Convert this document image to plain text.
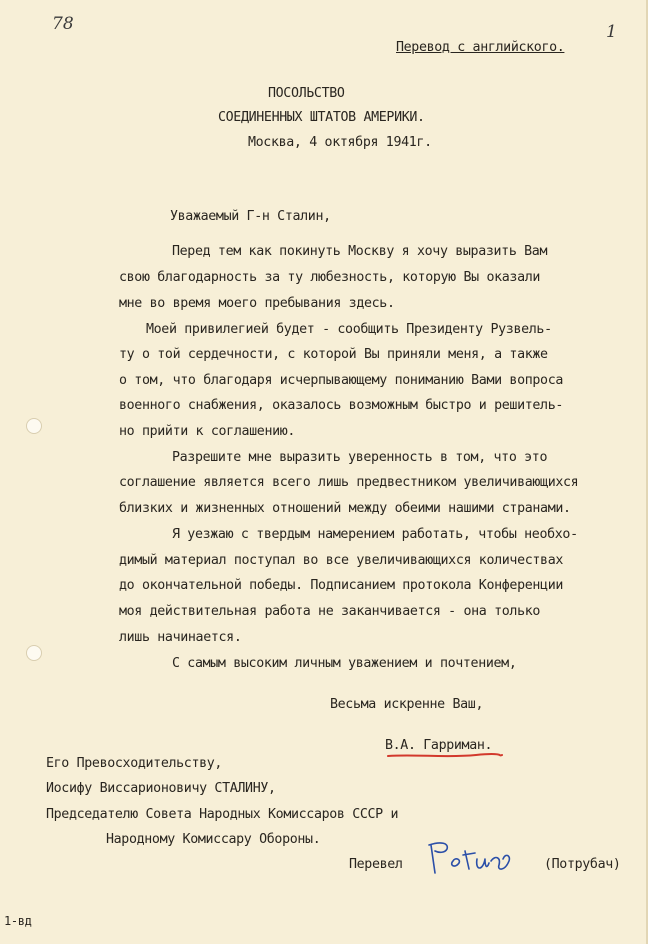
78	1
Перевод с английского.
ПОСОЛЬСТВО
СОЕДИНЕННЫХ ШТАТОВ АМЕРИКИ.
Москва, 4 октября 1941г.
Уважаемый Г-н Сталин,
Перед тем как покинуть Москву я хочу выразить Вам
свою благодарность за ту любезность, которую Вы оказали
мне во время моего пребывания здесь.
Моей привилегией будет - сообщить Президенту Рузвель-
ту о той сердечности, с которой Вы приняли меня, а также
о том, что благодаря исчерпывающему пониманию Вами вопроса
военного снабжения, оказалось возможным быстро и решитель-
но прийти к соглашению.
Разрешите мне выразить уверенность в том, что это
соглашение является всего лишь предвестником увеличивающихся
близких и жизненных отношений между обеими нашими странами.
Я уезжаю с твердым намерением работать, чтобы необхо-
димый материал поступал во все увеличивающихся количествах
до окончательной победы. Подписанием протокола Конференции
моя действительная работа не заканчивается - она только
лишь начинается.
С самым высоким личным уважением и почтением,
Весьма искренне Ваш,
В.А. Гарриман.
Его Превосходительству,
Иосифу Виссарионовичу СТАЛИНУ,
Председателю Совета Народных Комиссаров СССР и
Народному Комиссару Обороны.
Перевел	(Потрубач)
1-вд
